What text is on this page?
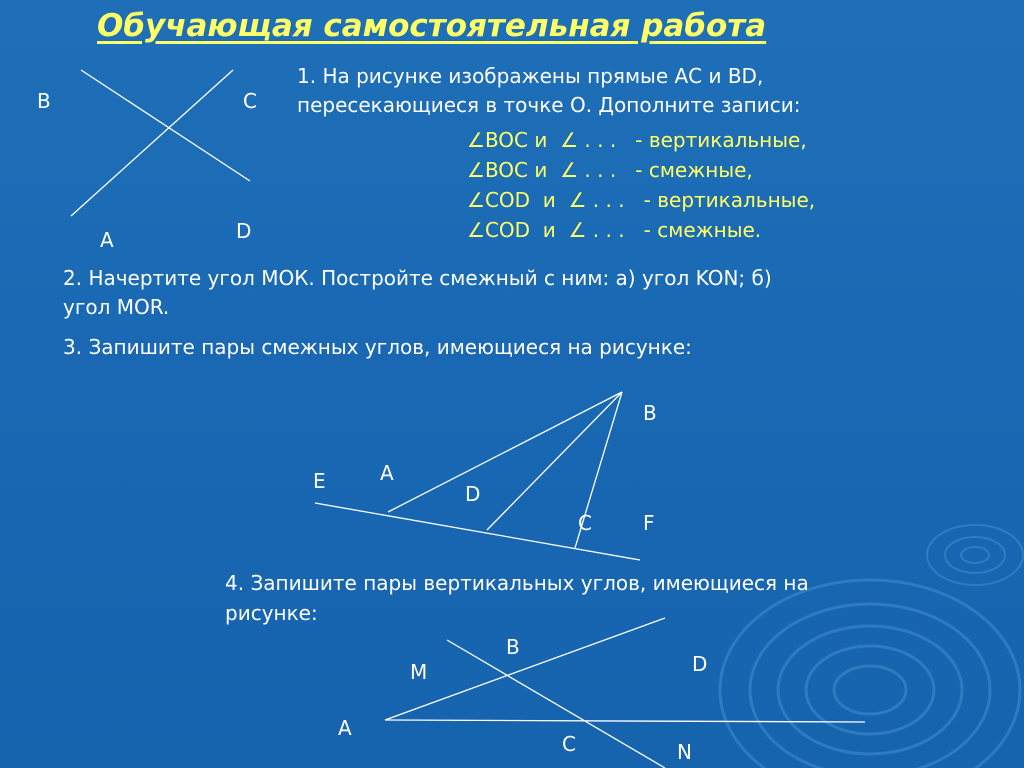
Обучающая самостоятельная работа
B	C
A	D
1. На рисунке изображены прямые АС и BD,
пересекающиеся в точке О. Дополните записи:
∠BOC и ∠ . . . - вертикальные,
∠BOC и ∠ . . . - смежные,
∠COD и ∠ . . . - вертикальные,
∠COD и ∠ . . . - смежные.
2. Начертите угол МОК. Постройте смежный с ним: а) угол KON; б)
угол MOR.
3. Запишите пары смежных углов, имеющиеся на рисунке:
B
E	A
D
C	F
4. Запишите пары вертикальных углов, имеющиеся на
рисунке:
B
M	D
A
C	N
